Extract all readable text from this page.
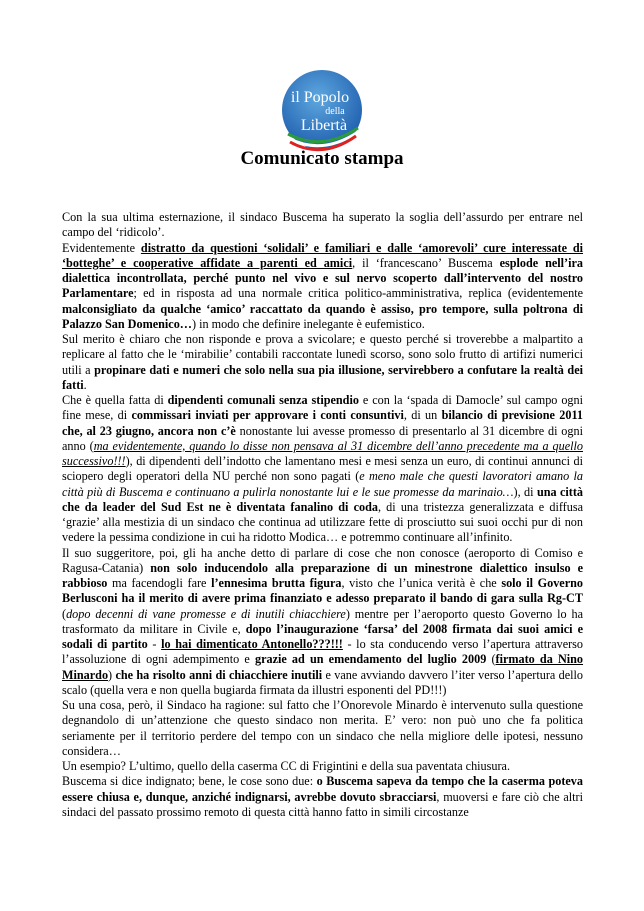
il Popolo
della
Libertà
Comunicato stampa

Con la sua ultima esternazione, il sindaco Buscema ha superato la soglia dell’assurdo per entrare nel campo del ‘ridicolo’.

Evidentemente distratto da questioni ‘solidali’ e familiari e dalle ‘amorevoli’ cure interessate di ‘botteghe’ e cooperative affidate a parenti ed amici, il ‘francescano’ Buscema esplode nell’ira dialettica incontrollata, perché punto nel vivo e sul nervo scoperto dall’intervento del nostro Parlamentare; ed in risposta ad una normale critica politico-amministrativa, replica (evidentemente malconsigliato da qualche ‘amico’ raccattato da quando è assiso, pro tempore, sulla poltrona di Palazzo San Domenico…) in modo che definire inelegante è eufemistico.

Sul merito è chiaro che non risponde e prova a svicolare; e questo perché si troverebbe a malpartito a replicare al fatto che le ‘mirabilie’ contabili raccontate lunedì scorso, sono solo frutto di artifizi numerici utili a propinare dati e numeri che solo nella sua pia illusione, servirebbero a confutare la realtà dei fatti.

Che è quella fatta di dipendenti comunali senza stipendio e con la ‘spada di Damocle’ sul campo ogni fine mese, di commissari inviati per approvare i conti consuntivi, di un bilancio di previsione 2011 che, al 23 giugno, ancora non c’è nonostante lui avesse promesso di presentarlo al 31 dicembre di ogni anno (ma evidentemente, quando lo disse non pensava al 31 dicembre dell’anno precedente ma a quello successivo!!!), di dipendenti dell’indotto che lamentano mesi e mesi senza un euro, di continui annunci di sciopero degli operatori della NU perché non sono pagati (e meno male che questi lavoratori amano la città più di Buscema e continuano a pulirla nonostante lui e le sue promesse da marinaio…), di una città che da leader del Sud Est ne è diventata fanalino di coda, di una tristezza generalizzata e diffusa ‘grazie’ alla mestizia di un sindaco che continua ad utilizzare fette di prosciutto sui suoi occhi pur di non vedere la pessima condizione in cui ha ridotto Modica… e potremmo continuare all’infinito.

Il suo suggeritore, poi, gli ha anche detto di parlare di cose che non conosce (aeroporto di Comiso e Ragusa-Catania) non solo inducendolo alla preparazione di un minestrone dialettico insulso e rabbioso ma facendogli fare l’ennesima brutta figura, visto che l’unica verità è che solo il Governo Berlusconi ha il merito di avere prima finanziato e adesso preparato il bando di gara sulla Rg-CT (dopo decenni di vane promesse e di inutili chiacchiere) mentre per l’aeroporto questo Governo lo ha trasformato da militare in Civile e, dopo l’inaugurazione ‘farsa’ del 2008 firmata dai suoi amici e sodali di partito - lo hai dimenticato Antonello???!!! - lo sta conducendo verso l’apertura attraverso l’assoluzione di ogni adempimento e grazie ad un emendamento del luglio 2009 (firmato da Nino Minardo) che ha risolto anni di chiacchiere inutili e vane avviando davvero l’iter verso l’apertura dello scalo (quella vera e non quella bugiarda firmata da illustri esponenti del PD!!!)

Su una cosa, però, il Sindaco ha ragione: sul fatto che l’Onorevole Minardo è intervenuto sulla questione degnandolo di un’attenzione che questo sindaco non merita. E’ vero: non può uno che fa politica seriamente per il territorio perdere del tempo con un sindaco che nella migliore delle ipotesi, nessuno considera…

Un esempio? L’ultimo, quello della caserma CC di Frigintini e della sua paventata chiusura.

Buscema si dice indignato; bene, le cose sono due: o Buscema sapeva da tempo che la caserma poteva essere chiusa e, dunque, anziché indignarsi, avrebbe dovuto sbracciarsi, muoversi e fare ciò che altri sindaci del passato prossimo remoto di questa città hanno fatto in simili circostanze
